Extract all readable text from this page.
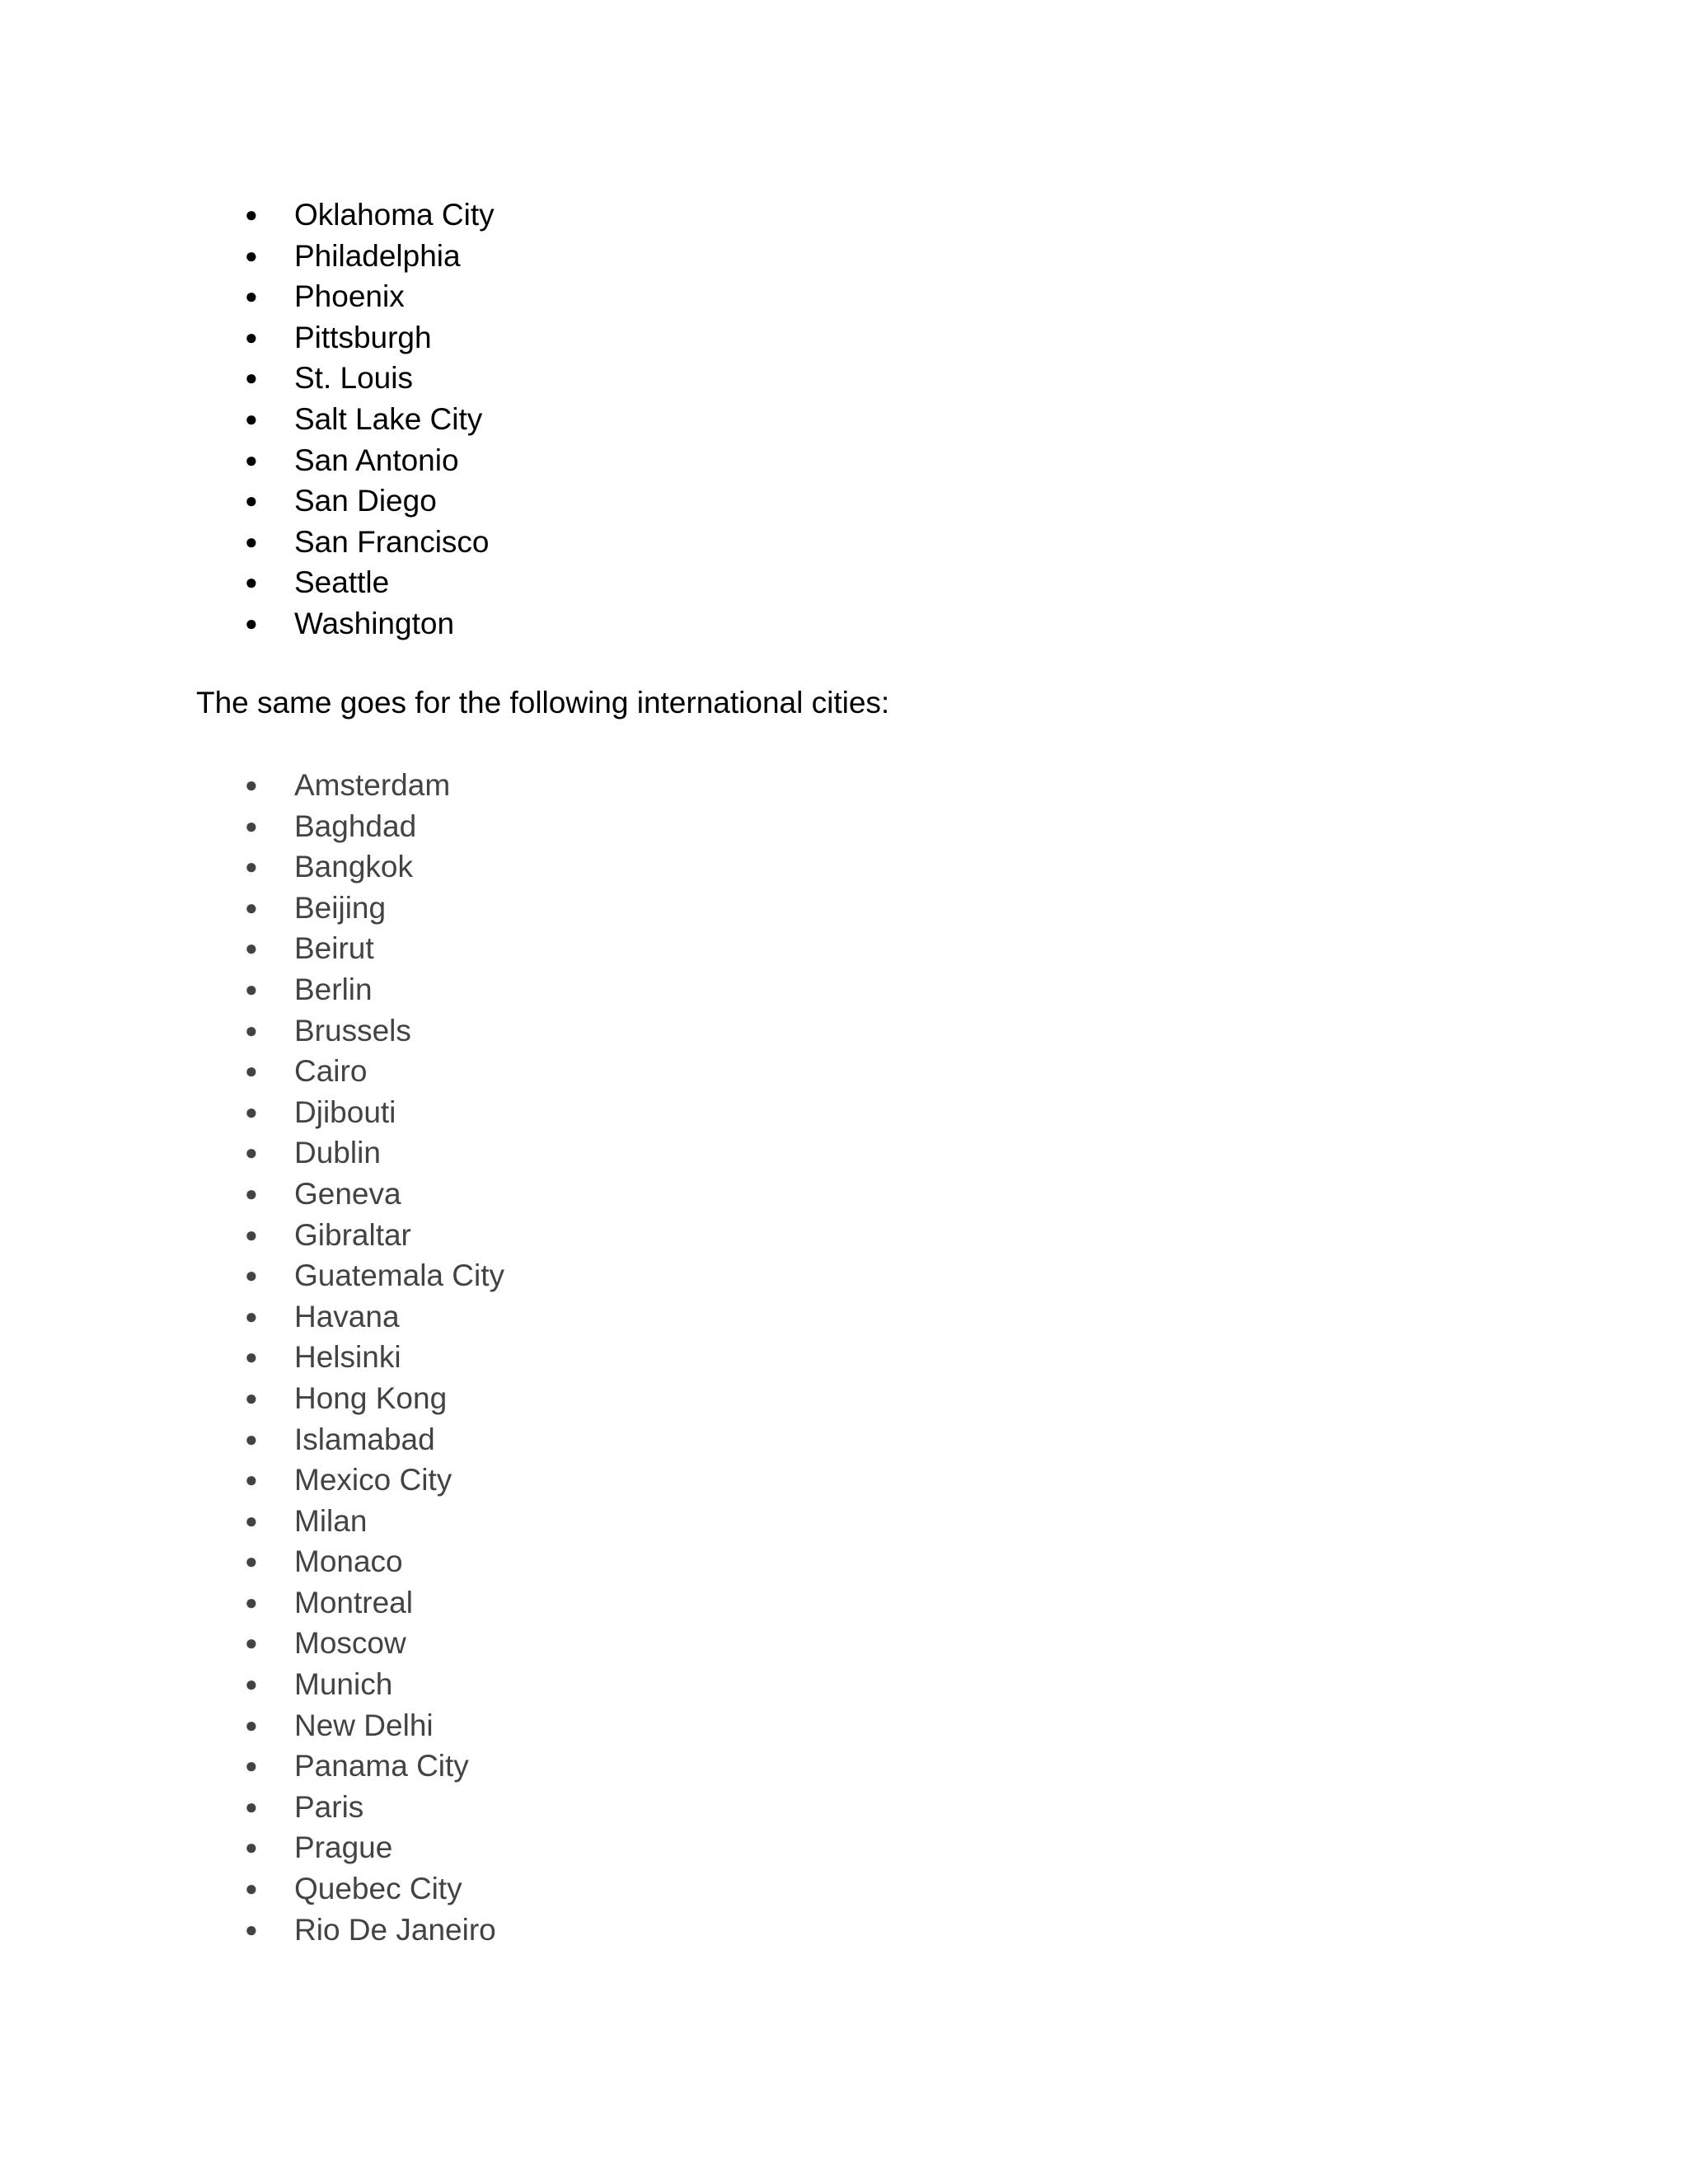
● Oklahoma City
● Philadelphia
● Phoenix
● Pittsburgh
● St. Louis
● Salt Lake City
● San Antonio
● San Diego
● San Francisco
● Seattle
● Washington

The same goes for the following international cities:

● Amsterdam
● Baghdad
● Bangkok
● Beijing
● Beirut
● Berlin
● Brussels
● Cairo
● Djibouti
● Dublin
● Geneva
● Gibraltar
● Guatemala City
● Havana
● Helsinki
● Hong Kong
● Islamabad
● Mexico City
● Milan
● Monaco
● Montreal
● Moscow
● Munich
● New Delhi
● Panama City
● Paris
● Prague
● Quebec City
● Rio De Janeiro
